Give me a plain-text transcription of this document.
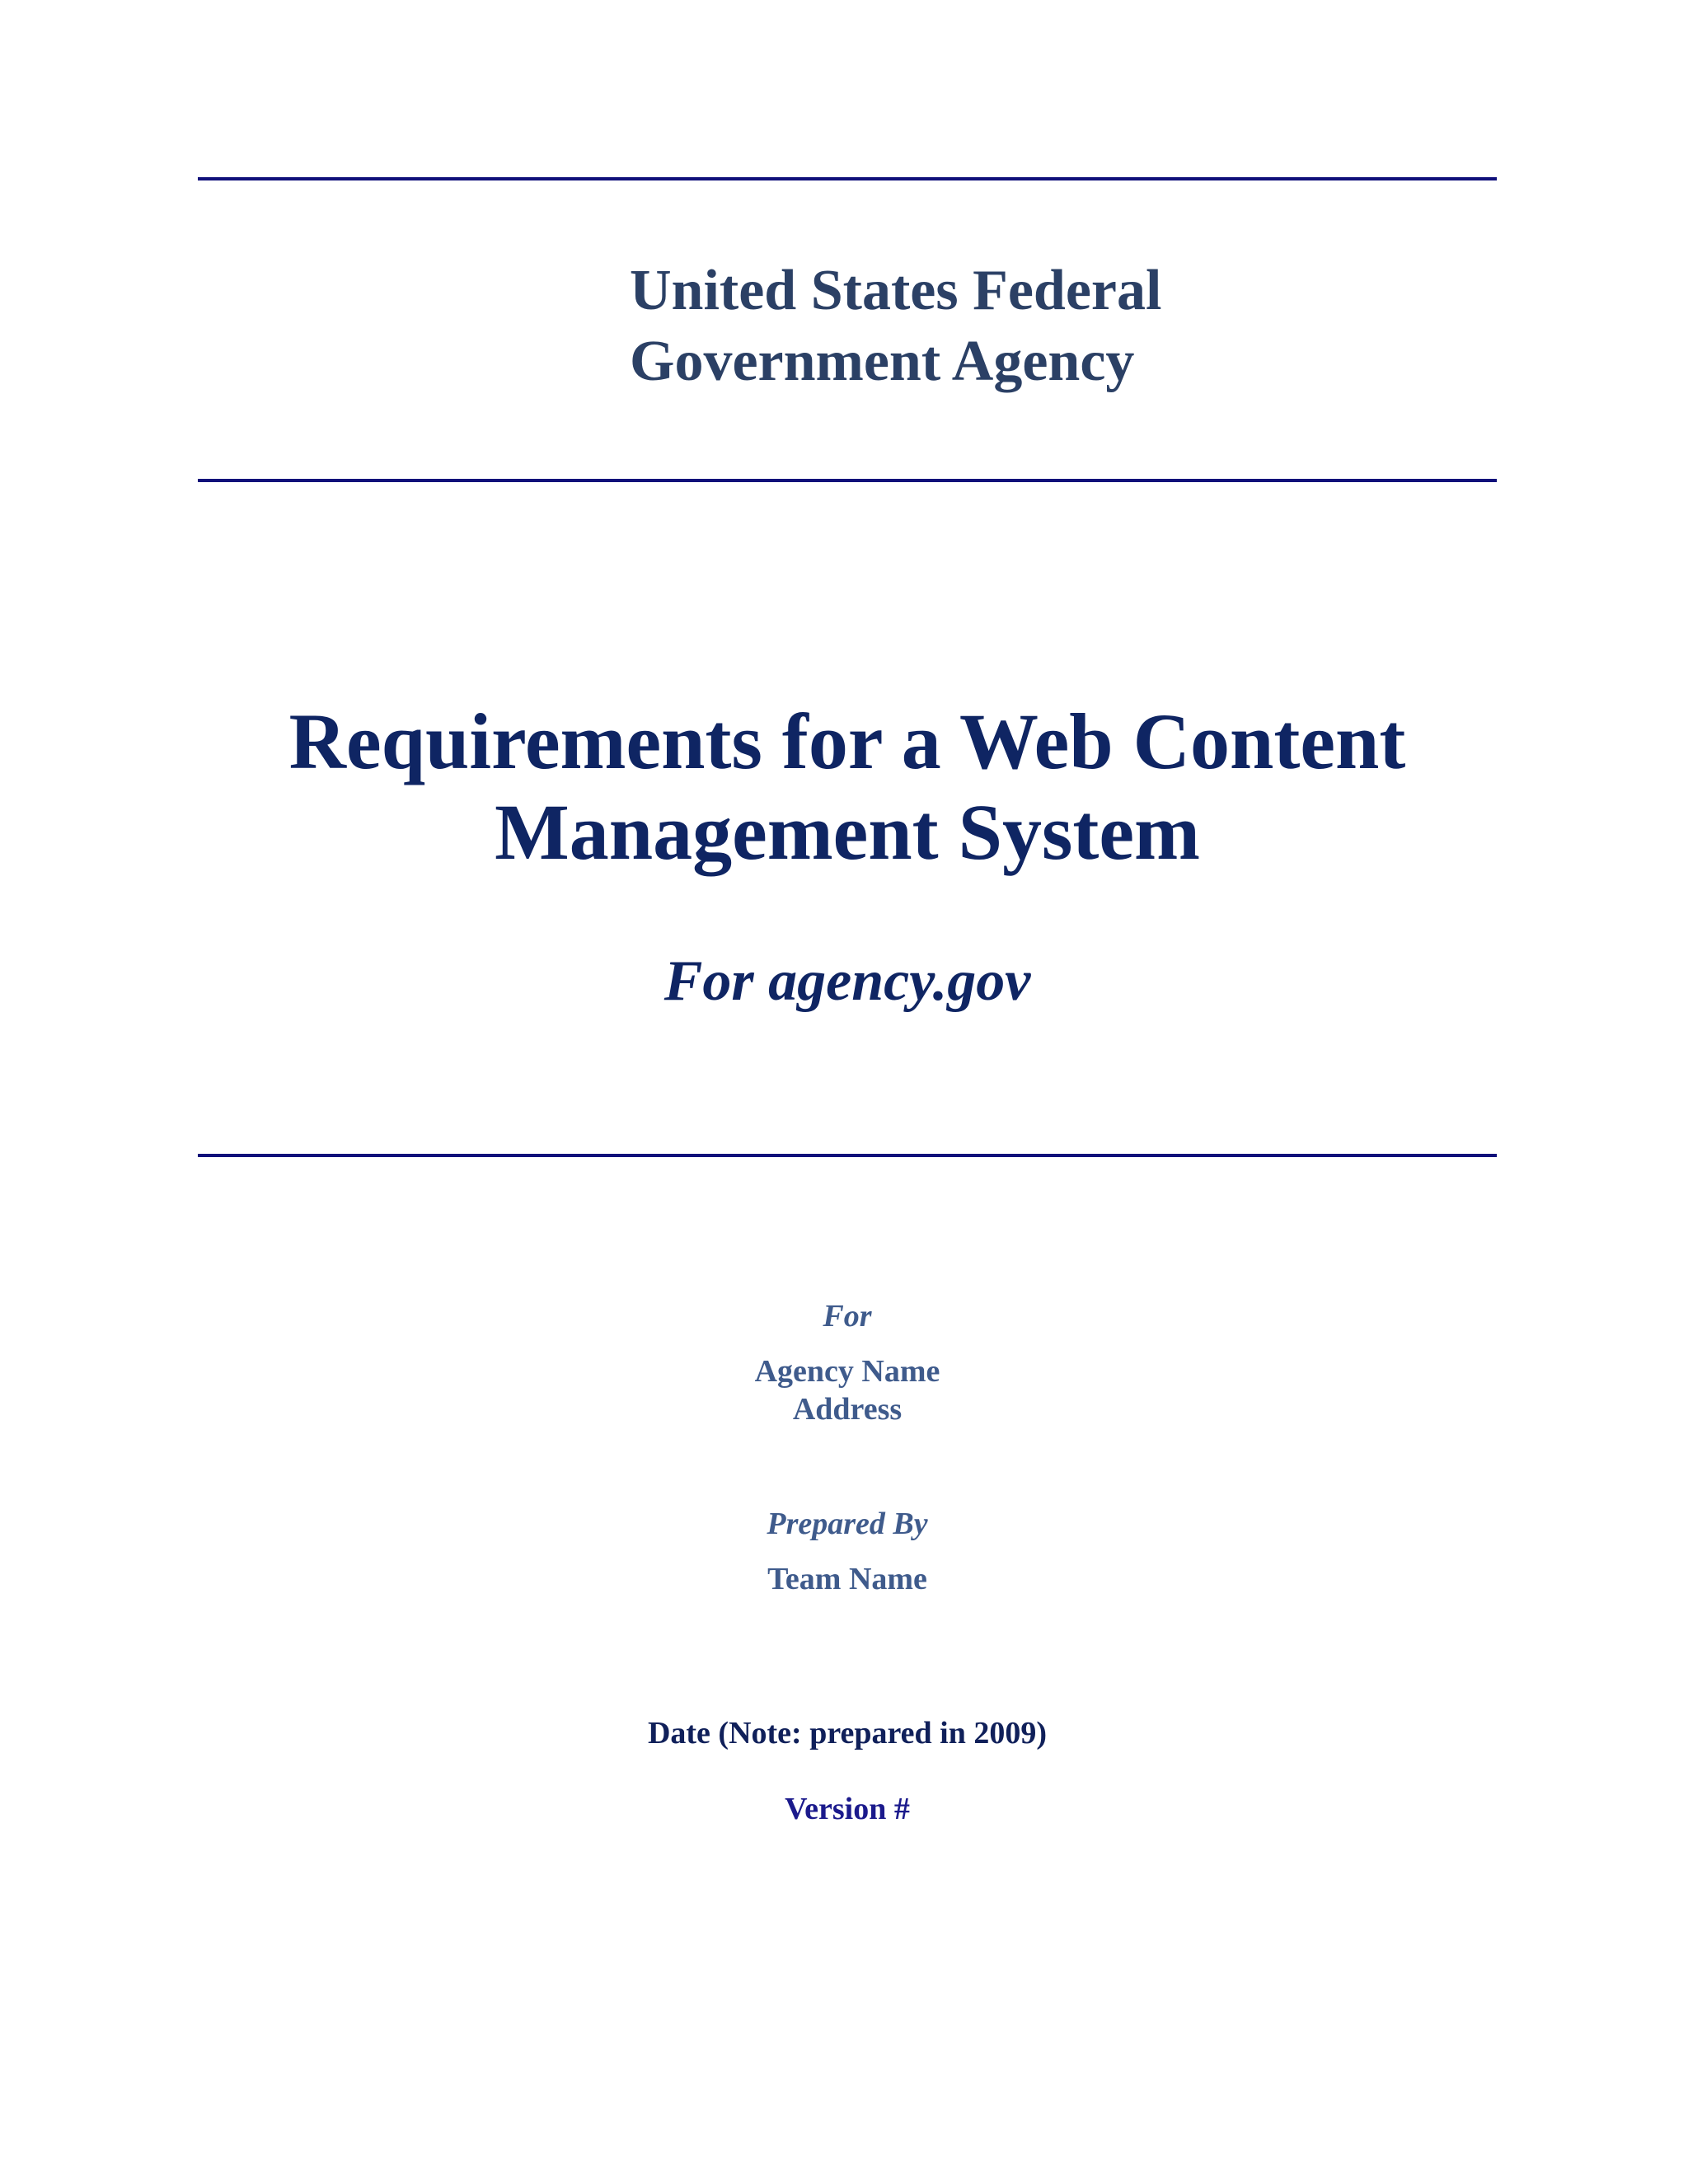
United States Federal
Government Agency
Requirements for a Web Content
Management System
For agency.gov
For
Agency Name
Address
Prepared By
Team Name
Date (Note: prepared in 2009)
Version #
